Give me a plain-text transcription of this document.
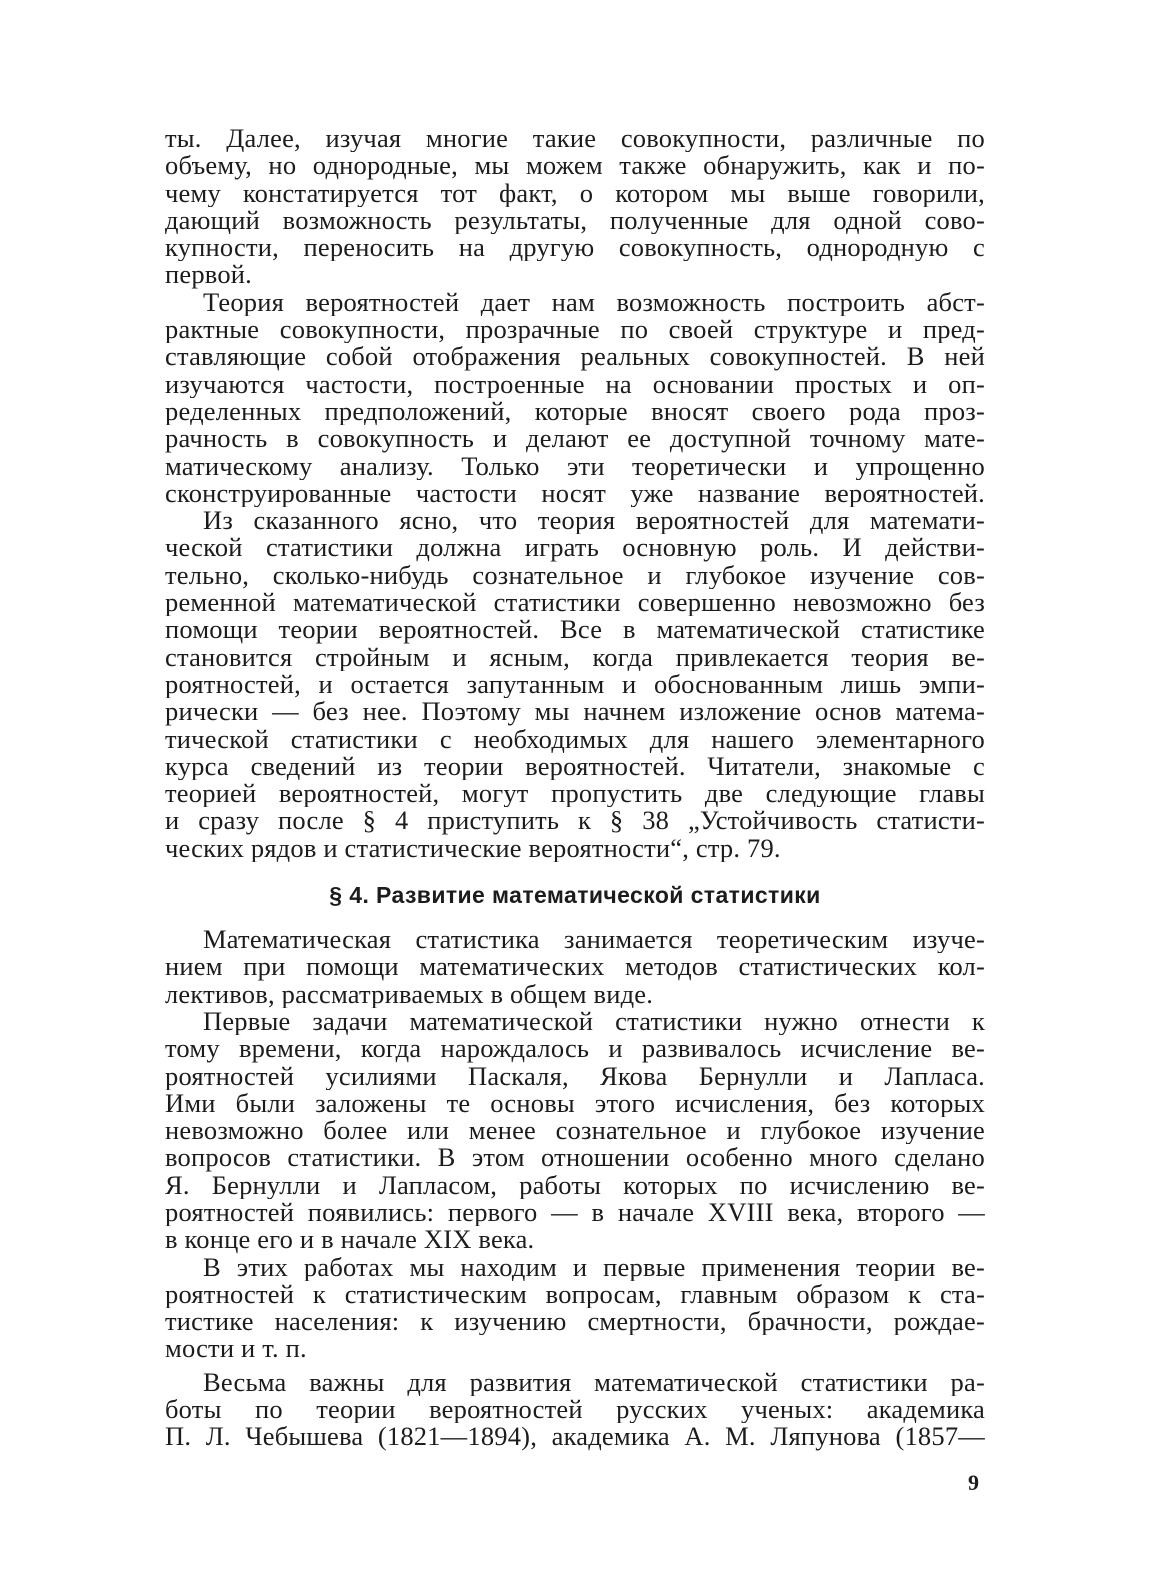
ты. Далее, изучая многие такие совокупности, различные по
объему, но однородные, мы можем также обнаружить, как и по-
чему констатируется тот факт, о котором мы выше говорили,
дающий возможность результаты, полученные для одной сово-
купности, переносить на другую совокупность, однородную с
первой.

Теория вероятностей дает нам возможность построить абст-
рактные совокупности, прозрачные по своей структуре и пред-
ставляющие собой отображения реальных совокупностей. В ней
изучаются частости, построенные на основании простых и оп-
ределенных предположений, которые вносят своего рода проз-
рачность в совокупность и делают ее доступной точному мате-
матическому анализу. Только эти теоретически и упрощенно
сконструированные частости носят уже название вероятностей.

Из сказанного ясно, что теория вероятностей для математи-
ческой статистики должна играть основную роль. И действи-
тельно, сколько-нибудь сознательное и глубокое изучение сов-
ременной математической статистики совершенно невозможно без
помощи теории вероятностей. Все в математической статистике
становится стройным и ясным, когда привлекается теория ве-
роятностей, и остается запутанным и обоснованным лишь эмпи-
рически — без нее. Поэтому мы начнем изложение основ матема-
тической статистики с необходимых для нашего элементарного
курса сведений из теории вероятностей. Читатели, знакомые с
теорией вероятностей, могут пропустить две следующие главы
и сразу после § 4 приступить к § 38 „Устойчивость статисти-
ческих рядов и статистические вероятности“, стр. 79.

§ 4. Развитие математической статистики

Математическая статистика занимается теоретическим изуче-
нием при помощи математических методов статистических кол-
лективов, рассматриваемых в общем виде.

Первые задачи математической статистики нужно отнести к
тому времени, когда нарождалось и развивалось исчисление ве-
роятностей усилиями Паскаля, Якова Бернулли и Лапласа.
Ими были заложены те основы этого исчисления, без которых
невозможно более или менее сознательное и глубокое изучение
вопросов статистики. В этом отношении особенно много сделано
Я. Бернулли и Лапласом, работы которых по исчислению ве-
роятностей появились: первого — в начале XVIII века, второго —
в конце его и в начале XIX века.

В этих работах мы находим и первые применения теории ве-
роятностей к статистическим вопросам, главным образом к ста-
тистике населения: к изучению смертности, брачности, рождае-
мости и т. п.

Весьма важны для развития математической статистики ра-
боты по теории вероятностей русских ученых: академика
П. Л. Чебышева (1821—1894), академика А. М. Ляпунова (1857—

9
